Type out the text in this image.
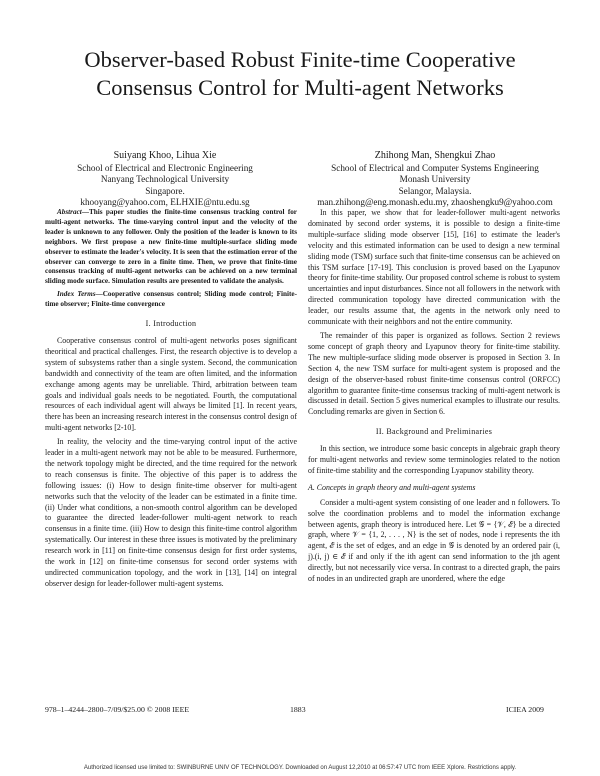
Observer-based Robust Finite-time Cooperative
Consensus Control for Multi-agent Networks
Suiyang Khoo, Lihua Xie
School of Electrical and Electronic Engineering
Nanyang Technological University
Singapore.
khooyang@yahoo.com, ELHXIE@ntu.edu.sg
Zhihong Man, Shengkui Zhao
School of Electrical and Computer Systems Engineering
Monash University
Selangor, Malaysia.
man.zhihong@eng.monash.edu.my, zhaoshengku9@yahoo.com

Abstract—This paper studies the finite-time consensus tracking control for multi-agent networks. The time-varying control input and the velocity of the leader is unknown to any follower. Only the position of the leader is known to its neighbors. We first propose a new finite-time multiple-surface sliding mode observer to estimate the leader's velocity. It is seen that the estimation error of the observer can converge to zero in a finite time. Then, we prove that finite-time consensus tracking of multi-agent networks can be achieved on a new terminal sliding mode surface. Simulation results are presented to validate the analysis.

Index Terms—Cooperative consensus control; Sliding mode control; Finite-time observer; Finite-time convergence

I. Introduction

Cooperative consensus control of multi-agent networks poses significant theoritical and practical challenges. First, the research objective is to develop a system of subsystems rather than a single system. Second, the communication bandwidth and connectivity of the team are often limited, and the information exchange among agents may be unreliable. Third, arbitration between team goals and individual goals needs to be negotiated. Fourth, the computational resources of each individual agent will always be limited [1]. In recent years, there has been an increasing research interest in the consensus control design of multi-agent networks [2-10].

In reality, the velocity and the time-varying control input of the active leader in a multi-agent network may not be able to be measured. Furthermore, the network topology might be directed, and the time required for the network to reach consensus is finite. The objective of this paper is to address the following issues: (i) How to design finite-time observer for multi-agent networks such that the velocity of the leader can be estimated in a finite time. (ii) Under what conditions, a non-smooth control algorithm can be developed to guarantee the directed leader-follower multi-agent network to reach consensus in a finite time. (iii) How to design this finite-time control algorithm systematically. Our interest in these three issues is motivated by the preliminary research work in [11] on finite-time consensus design for first order systems, the work in [12] on finite-time consensus for second order systems with undirected communication topology, and the work in [13], [14] on integral observer design for leader-follower multi-agent systems.

In this paper, we show that for leader-follower multi-agent networks dominated by second order systems, it is possible to design a finite-time multiple-surface sliding mode observer [15], [16] to estimate the leader's velocity and this estimated information can be used to design a new terminal sliding mode (TSM) surface such that finite-time consensus can be achieved on this TSM surface [17-19]. This conclusion is proved based on the Lyapunov theory for finite-time stability. Our proposed control scheme is robust to system uncertainties and input disturbances. Since not all followers in the network with directed communication topology have directed communication with the leader, our results assume that, the agents in the network only need to communicate with their neighbors and not the entire community.

The remainder of this paper is organized as follows. Section 2 reviews some concept of graph theory and Lyapunov theory for finite-time stability. The new multiple-surface sliding mode observer is proposed in Section 3. In Section 4, the new TSM surface for multi-agent system is proposed and the design of the observer-based robust finite-time consensus control (ORFCC) algorithm to guarantee finite-time consensus tracking of multi-agent network is discussed in detail. Section 5 gives numerical examples to illustrate our results. Concluding remarks are given in Section 6.

II. Background and Preliminaries

In this section, we introduce some basic concepts in algebraic graph theory for multi-agent networks and review some terminologies related to the notion of finite-time stability and the corresponding Lyapunov stability theory.

A. Concepts in graph theory and multi-agent systems

Consider a multi-agent system consisting of one leader and n followers. To solve the coordination problems and to model the information exchange between agents, graph theory is introduced here. Let 𝒢 = {𝒱, ℰ} be a directed graph, where 𝒱 = {1, 2, . . . , N} is the set of nodes, node i represents the ith agent, ℰ is the set of edges, and an edge in 𝒢 is denoted by an ordered pair (i, j).(i, j) ∈ ℰ if and only if the ith agent can send information to the jth agent directly, but not necessarily vice versa. In contrast to a directed graph, the pairs of nodes in an undirected graph are unordered, where the edge

978–1–4244–2800–7/09/$25.00 © 2008 IEEE	1883	ICIEA 2009
Authorized licensed use limited to: SWINBURNE UNIV OF TECHNOLOGY. Downloaded on August 12,2010 at 06:57:47 UTC from IEEE Xplore. Restrictions apply.
